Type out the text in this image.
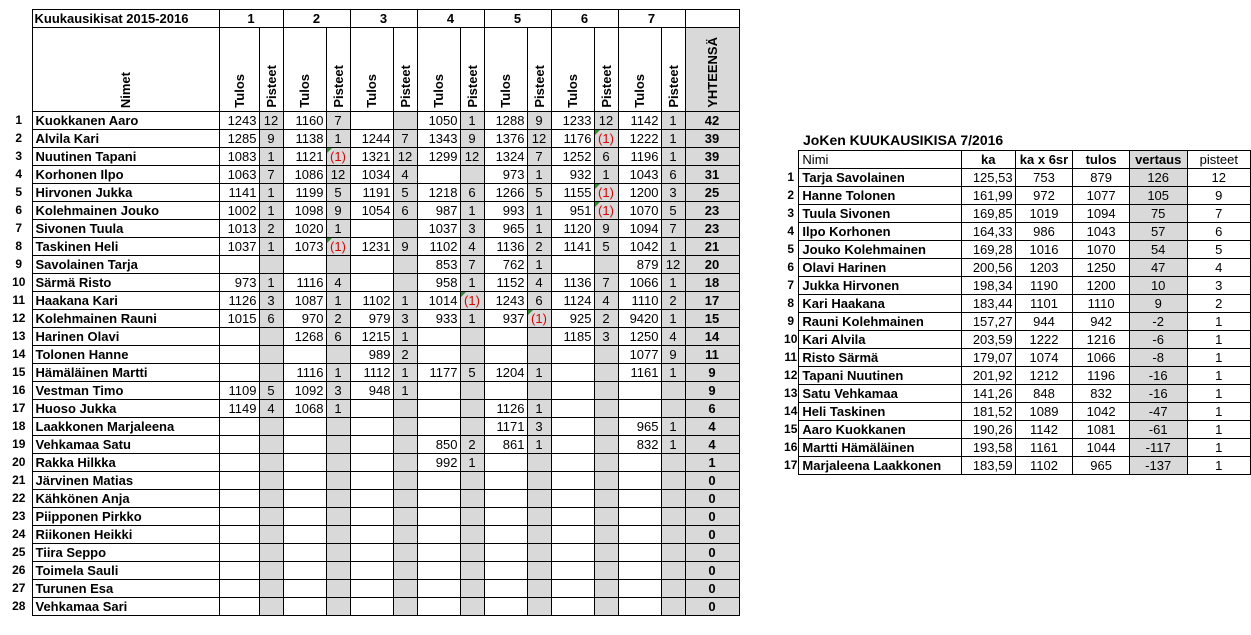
	Kuukausikisat 2015-2016	1		2		3		4		5		6		7		

	Nimet	Tulos	Pisteet	Tulos	Pisteet	Tulos	Pisteet	Tulos	Pisteet	Tulos	Pisteet	Tulos	Pisteet	Tulos	Pisteet	YHTEENSÄ

1	Kuokkanen Aaro	1243	12	1160	7			1050	1	1288	9	1233	12	1142	1	42
2	Alvila Kari	1285	9	1138	1	1244	7	1343	9	1376	12	1176	(1)	1222	1	39
3	Nuutinen Tapani	1083	1	1121	(1)	1321	12	1299	12	1324	7	1252	6	1196	1	39
4	Korhonen Ilpo	1063	7	1086	12	1034	4			973	1	932	1	1043	6	31
5	Hirvonen Jukka	1141	1	1199	5	1191	5	1218	6	1266	5	1155	(1)	1200	3	25
6	Kolehmainen Jouko	1002	1	1098	9	1054	6	987	1	993	1	951	(1)	1070	5	23
7	Sivonen Tuula	1013	2	1020	1			1037	3	965	1	1120	9	1094	7	23
8	Taskinen Heli	1037	1	1073	(1)	1231	9	1102	4	1136	2	1141	5	1042	1	21
9	Savolainen Tarja							853	7	762	1			879	12	20
10	Särmä Risto	973	1	1116	4			958	1	1152	4	1136	7	1066	1	18
11	Haakana Kari	1126	3	1087	1	1102	1	1014	(1)	1243	6	1124	4	1110	2	17
12	Kolehmainen Rauni	1015	6	970	2	979	3	933	1	937	(1)	925	2	9420	1	15
13	Harinen Olavi			1268	6	1215	1					1185	3	1250	4	14
14	Tolonen Hanne					989	2							1077	9	11
15	Hämäläinen Martti			1116	1	1112	1	1177	5	1204	1			1161	1	9
16	Vestman Timo	1109	5	1092	3	948	1									9
17	Huoso Jukka	1149	4	1068	1					1126	1					6
18	Laakkonen Marjaleena									1171	3			965	1	4
19	Vehkamaa Satu							850	2	861	1			832	1	4
20	Rakka Hilkka							992	1							1
21	Järvinen Matias															0
22	Kähkönen Anja															0
23	Piipponen Pirkko															0
24	Riikonen Heikki															0
25	Tiira Seppo															0
26	Toimela Sauli															0
27	Turunen Esa															0
28	Vehkamaa Sari															0
JoKen KUUKAUSIKISA 7/2016
	Nimi	ka	ka x 6sr	tulos	vertaus	pisteet
1	Tarja Savolainen	125,53	753	879	126	12
2	Hanne Tolonen	161,99	972	1077	105	9
3	Tuula Sivonen	169,85	1019	1094	75	7
4	Ilpo Korhonen	164,33	986	1043	57	6
5	Jouko Kolehmainen	169,28	1016	1070	54	5
6	Olavi Harinen	200,56	1203	1250	47	4
7	Jukka Hirvonen	198,34	1190	1200	10	3
8	Kari Haakana	183,44	1101	1110	9	2
9	Rauni Kolehmainen	157,27	944	942	-2	1
10	Kari Alvila	203,59	1222	1216	-6	1
11	Risto Särmä	179,07	1074	1066	-8	1
12	Tapani Nuutinen	201,92	1212	1196	-16	1
13	Satu Vehkamaa	141,26	848	832	-16	1
14	Heli Taskinen	181,52	1089	1042	-47	1
15	Aaro Kuokkanen	190,26	1142	1081	-61	1
16	Martti Hämäläinen	193,58	1161	1044	-117	1
17	Marjaleena Laakkonen	183,59	1102	965	-137	1
